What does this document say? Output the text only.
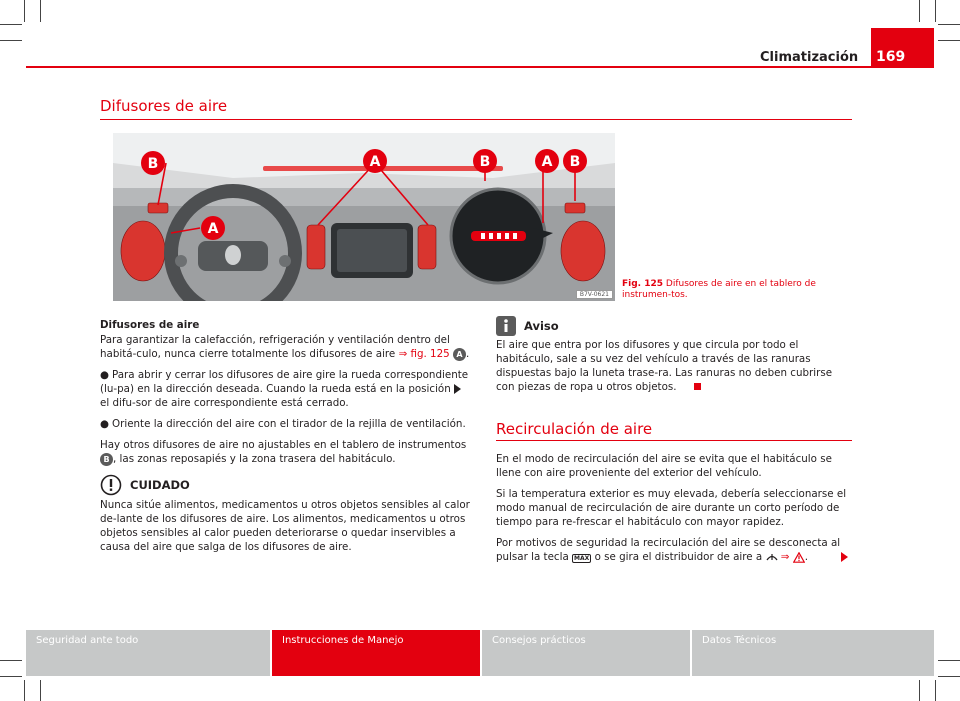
Climatización	169
Difusores de aire
B
A
A	B	A B
B7V-0621
Fig. 125 Difusores de aire en el tablero de instrumen-tos.

Difusores de aire

Para garantizar la calefacción, refrigeración y ventilación dentro del habitá-culo, nunca cierre totalmente los difusores de aire ⇒ fig. 125 A .

● Para abrir y cerrar los difusores de aire gire la rueda correspondiente (lu-pa) en la dirección deseada. Cuando la rueda está en la posición  el difu-sor de aire correspondiente está cerrado.

● Oriente la dirección del aire con el tirador de la rejilla de ventilación.

Hay otros difusores de aire no ajustables en el tablero de instrumentos B , las zonas reposapiés y la zona trasera del habitáculo.

CUIDADO

Nunca sitúe alimentos, medicamentos u otros objetos sensibles al calor de-lante de los difusores de aire. Los alimentos, medicamentos u otros objetos sensibles al calor pueden deteriorarse o quedar inservibles a causa del aire que salga de los difusores de aire.

Aviso

El aire que entra por los difusores y que circula por todo el habitáculo, sale a su vez del vehículo a través de las ranuras dispuestas bajo la luneta trase-ra. Las ranuras no deben cubrirse con piezas de ropa u otros objetos.

Recirculación de aire

En el modo de recirculación del aire se evita que el habitáculo se llene con aire proveniente del exterior del vehículo.

Si la temperatura exterior es muy elevada, debería seleccionarse el modo manual de recirculación de aire durante un corto período de tiempo para re-frescar el habitáculo con mayor rapidez.

Por motivos de seguridad la recirculación del aire se desconecta al pulsar la tecla MAX o se gira el distribuidor de aire a ⇒ .

Seguridad ante todo	Instrucciones de Manejo	Consejos prácticos	Datos Técnicos
